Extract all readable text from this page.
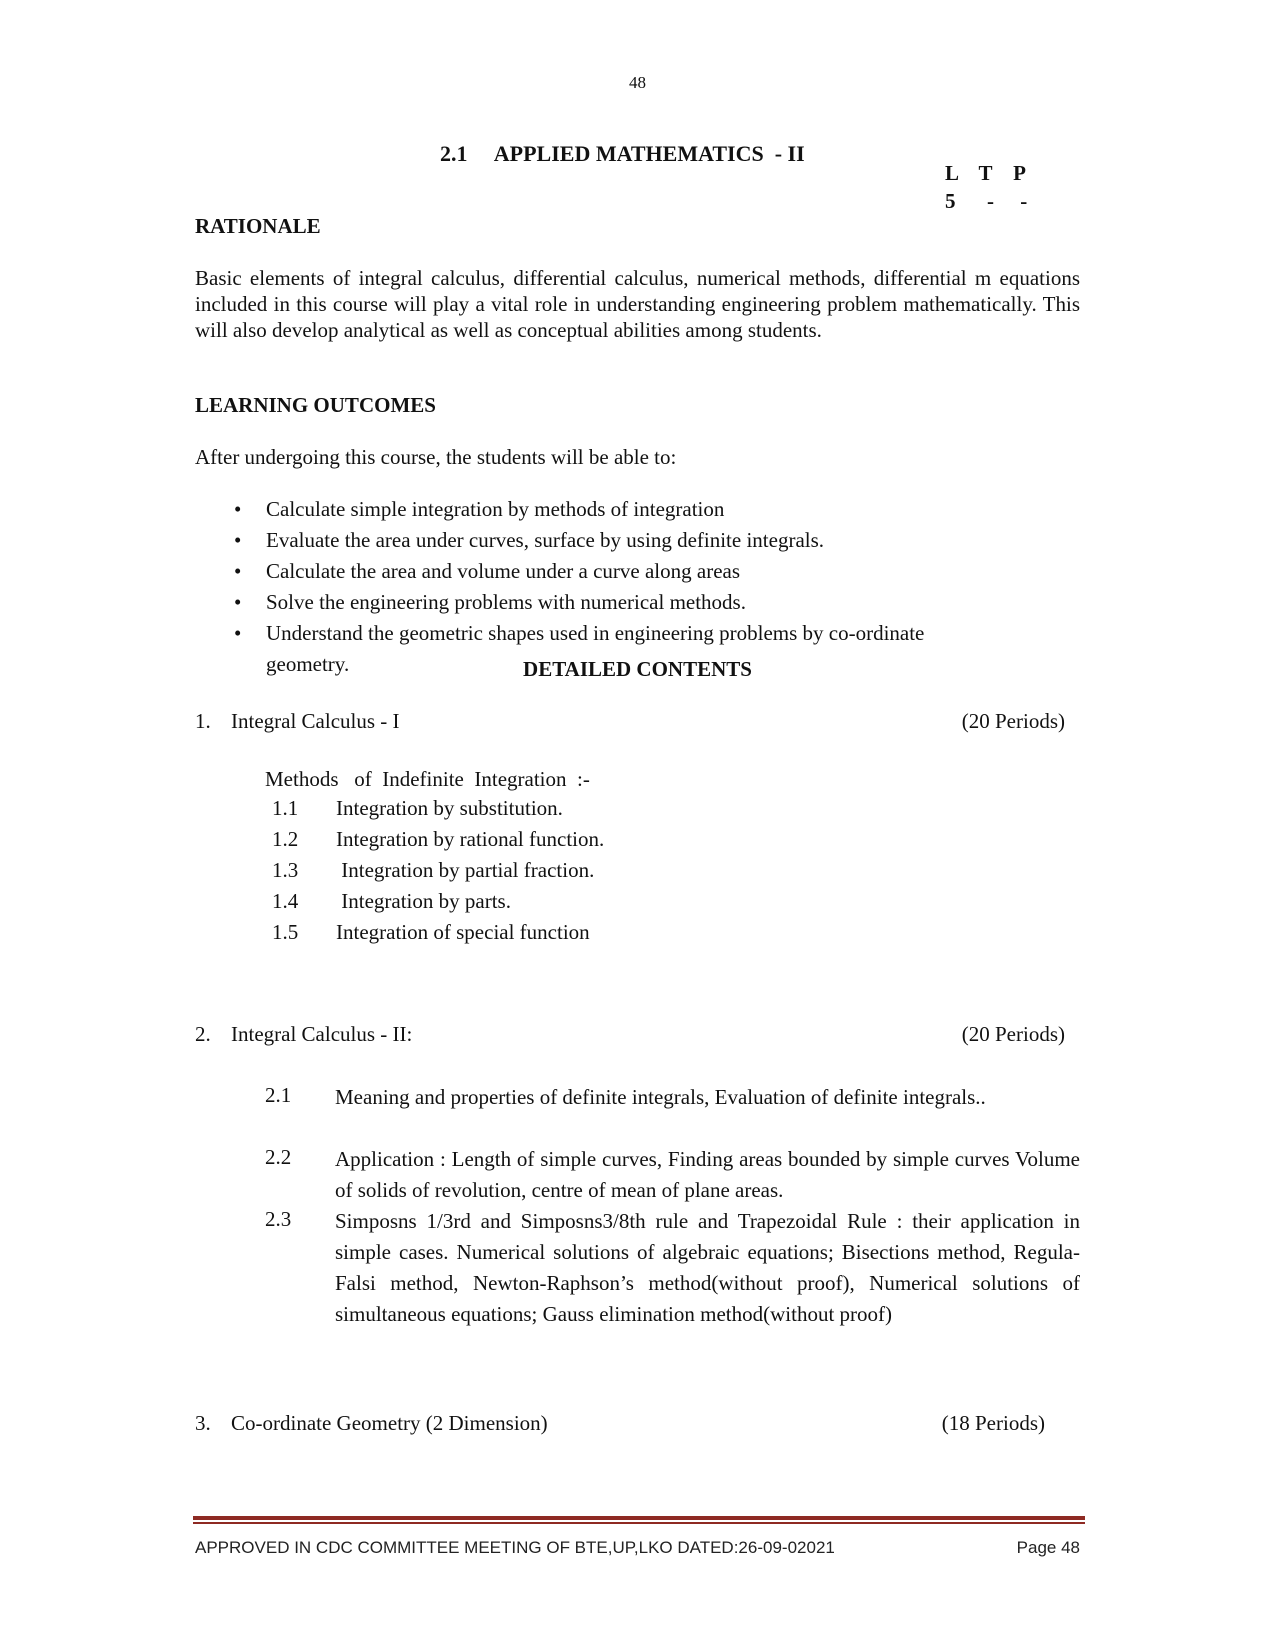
48
2.1     APPLIED MATHEMATICS  - II
L    T    P
5      -     -
RATIONALE
Basic elements of integral calculus, differential calculus, numerical methods, differential m equations included in this course will play a vital role in understanding engineering problem mathematically. This will also develop analytical as well as conceptual abilities among students.
LEARNING OUTCOMES
After undergoing this course, the students will be able to:
• Calculate simple integration by methods of integration
• Evaluate the area under curves, surface by using definite integrals.
• Calculate the area and volume under a curve along areas
• Solve the engineering problems with numerical methods.
• Understand the geometric shapes used in engineering problems by co-ordinate geometry.	DETAILED CONTENTS
1. Integral Calculus - I	(20 Periods)
Methods   of  Indefinite  Integration  :-
1.1 Integration by substitution.
1.2 Integration by rational function.
1.3 Integration by partial fraction.
1.4 Integration by parts.
1.5 Integration of special function
2. Integral Calculus - II:	(20 Periods)
2.1 Meaning and properties of definite integrals, Evaluation of definite integrals..
2.2 Application : Length of simple curves, Finding areas bounded by simple curves Volume of solids of revolution, centre of mean of plane areas.
2.3 Simposns 1/3rd and Simposns3/8th rule and Trapezoidal Rule : their application in simple cases. Numerical solutions of algebraic equations; Bisections method, Regula-Falsi method, Newton-Raphson’s method(without proof), Numerical solutions of simultaneous equations; Gauss elimination method(without proof)
3. Co-ordinate Geometry (2 Dimension)	(18 Periods)
APPROVED IN CDC COMMITTEE MEETING OF BTE,UP,LKO DATED:26-09-02021	Page 48
